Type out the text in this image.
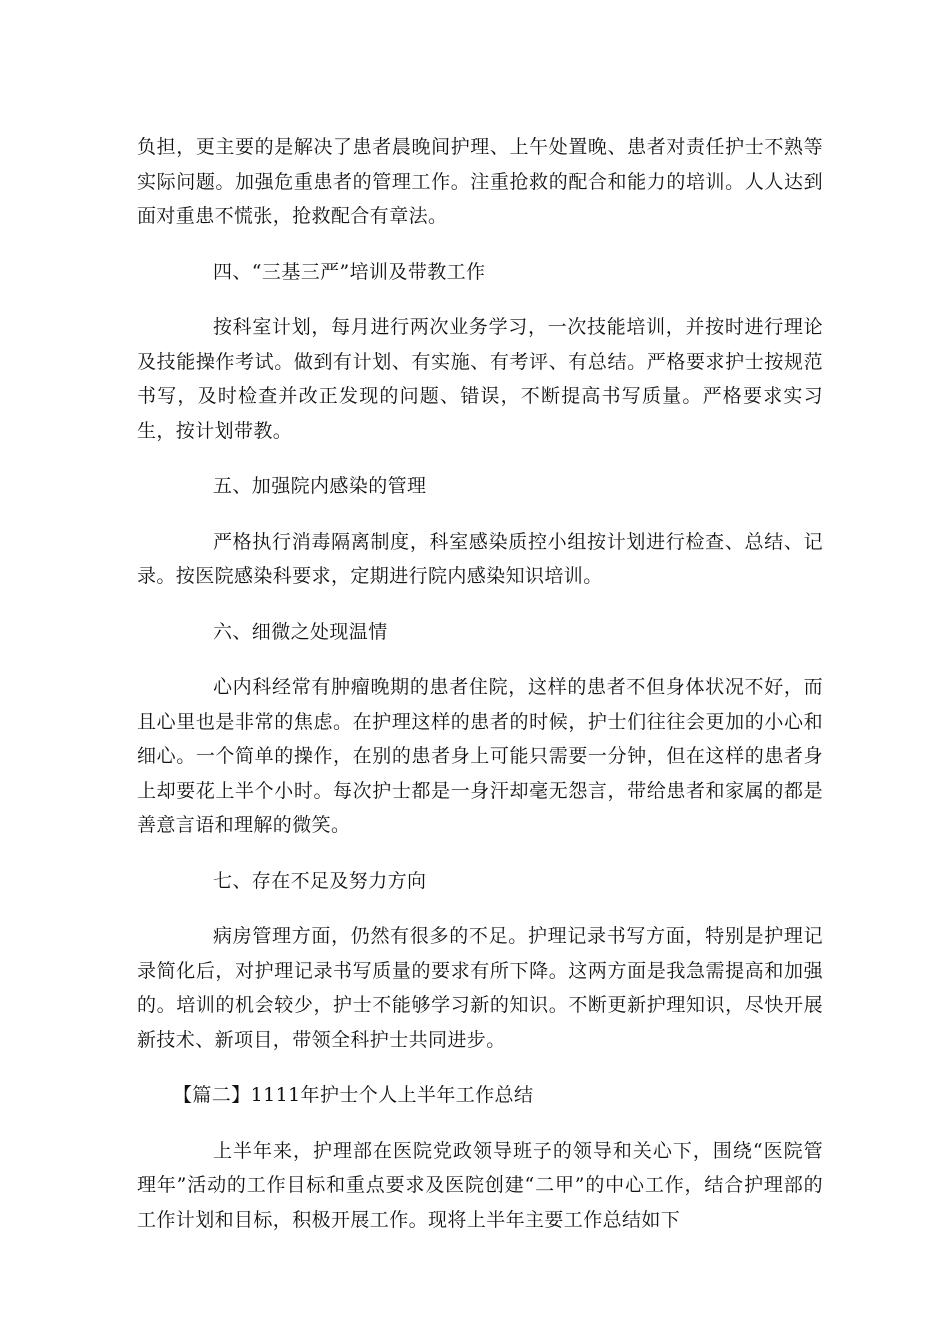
负担，更主要的是解决了患者晨晚间护理、上午处置晚、患者对责任护士不熟等实际问题。加强危重患者的管理工作。注重抢救的配合和能力的培训。人人达到面对重患不慌张，抢救配合有章法。

四、“三基三严”培训及带教工作

按科室计划，每月进行两次业务学习，一次技能培训，并按时进行理论及技能操作考试。做到有计划、有实施、有考评、有总结。严格要求护士按规范书写，及时检查并改正发现的问题、错误，不断提高书写质量。严格要求实习生，按计划带教。

五、加强院内感染的管理

严格执行消毒隔离制度，科室感染质控小组按计划进行检查、总结、记录。按医院感染科要求，定期进行院内感染知识培训。

六、细微之处现温情

心内科经常有肿瘤晚期的患者住院，这样的患者不但身体状况不好，而且心里也是非常的焦虑。在护理这样的患者的时候，护士们往往会更加的小心和细心。一个简单的操作，在别的患者身上可能只需要一分钟，但在这样的患者身上却要花上半个小时。每次护士都是一身汗却毫无怨言，带给患者和家属的都是善意言语和理解的微笑。

七、存在不足及努力方向

病房管理方面，仍然有很多的不足。护理记录书写方面，特别是护理记录简化后，对护理记录书写质量的要求有所下降。这两方面是我急需提高和加强的。培训的机会较少，护士不能够学习新的知识。不断更新护理知识，尽快开展新技术、新项目，带领全科护士共同进步。

【篇二】1111年护士个人上半年工作总结

上半年来，护理部在医院党政领导班子的领导和关心下，围绕“医院管理年”活动的工作目标和重点要求及医院创建“二甲”的中心工作，结合护理部的工作计划和目标，积极开展工作。现将上半年主要工作总结如下
